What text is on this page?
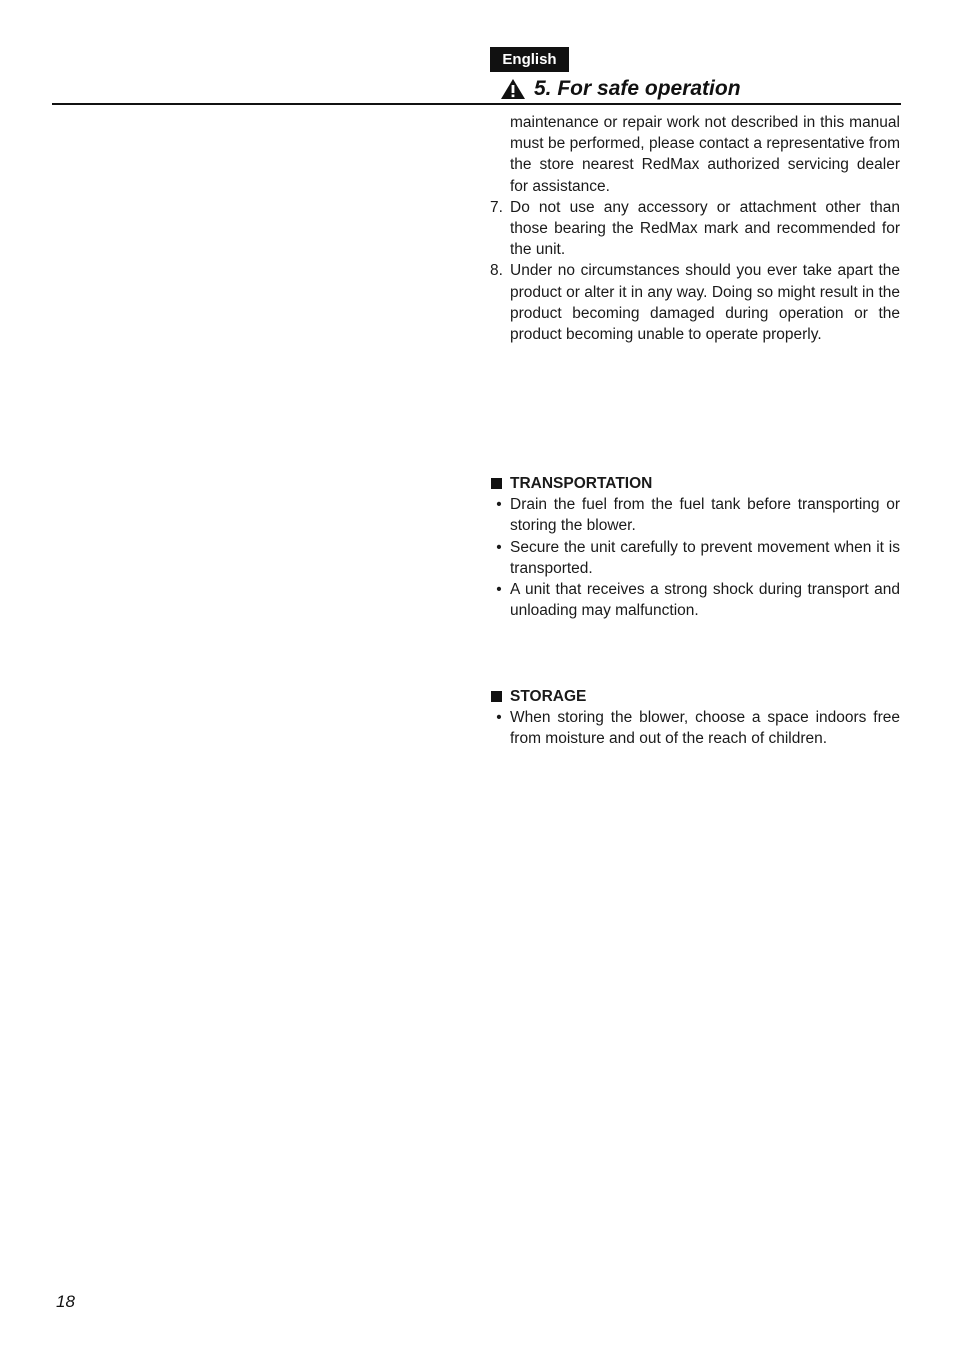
English
5. For safe operation
maintenance or repair work not described in this manual must be performed, please contact a representative from the store nearest RedMax authorized servicing dealer for assistance.
7. Do not use any accessory or attachment other than those bearing the RedMax mark and recommended for the unit.
8. Under no circumstances should you ever take apart the product or alter it in any way. Doing so might result in the product becoming damaged during operation or the product becoming unable to operate properly.
TRANSPORTATION
• Drain the fuel from the fuel tank before transporting or storing the blower.
• Secure the unit carefully to prevent movement when it is transported.
• A unit that receives a strong shock during transport and unloading may malfunction.
STORAGE
• When storing the blower, choose a space indoors free from moisture and out of the reach of children.
18
